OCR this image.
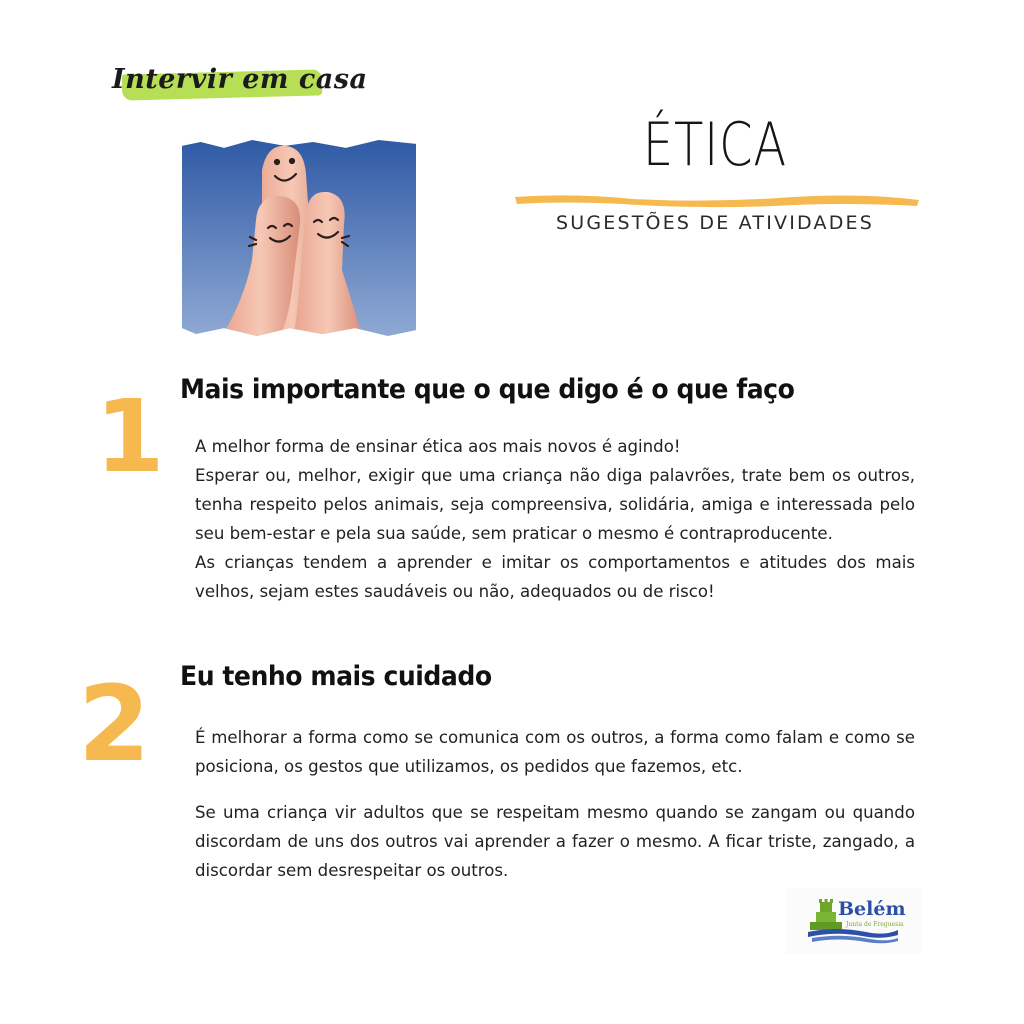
Intervir em casa
ÉTICA
SUGESTÕES DE ATIVIDADES
1 Mais importante que o que digo é o que faço
A melhor forma de ensinar ética aos mais novos é agindo!
Esperar ou, melhor, exigir que uma criança não diga palavrões, trate bem os outros, tenha respeito pelos animais, seja compreensiva, solidária, amiga e interessada pelo seu bem-estar e pela sua saúde, sem praticar o mesmo é contraproducente.
As crianças tendem a aprender e imitar os comportamentos e atitudes dos mais velhos, sejam estes saudáveis ou não, adequados ou de risco!
2 Eu tenho mais cuidado
É melhorar a forma como se comunica com os outros, a forma como falam e como se posiciona, os gestos que utilizamos, os pedidos que fazemos, etc.
Se uma criança vir adultos que se respeitam mesmo quando se zangam ou quando discordam de uns dos outros vai aprender a fazer o mesmo. A ficar triste, zangado, a discordar sem desrespeitar os outros.
Belém
Junta de Freguesia
